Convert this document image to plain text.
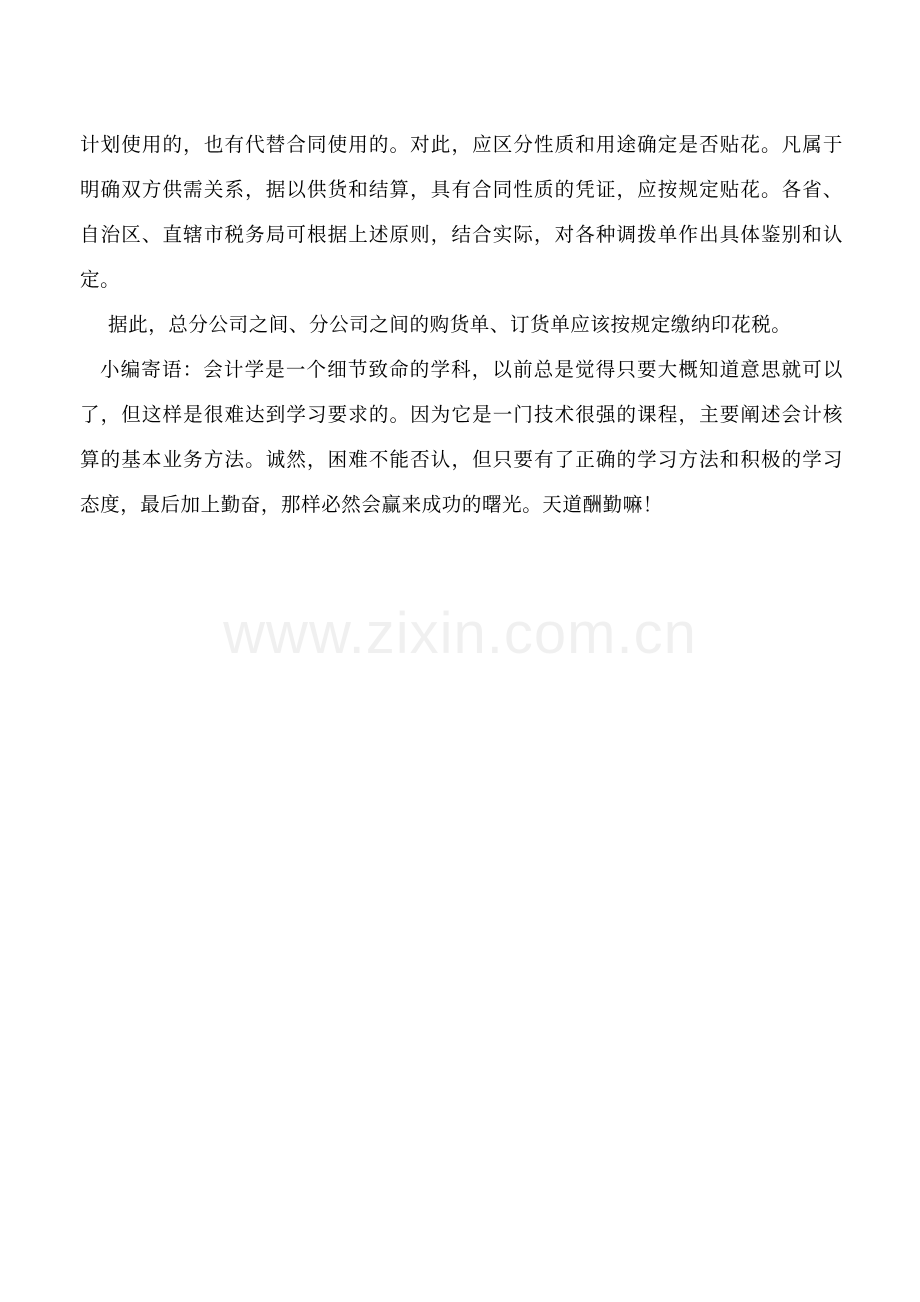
计划使用的，也有代替合同使用的。对此，应区分性质和用途确定是否贴花。凡属于明确双方供需关系，据以供货和结算，具有合同性质的凭证，应按规定贴花。各省、自治区、直辖市税务局可根据上述原则，结合实际，对各种调拨单作出具体鉴别和认定。

据此，总分公司之间、分公司之间的购货单、订货单应该按规定缴纳印花税。

小编寄语：会计学是一个细节致命的学科，以前总是觉得只要大概知道意思就可以了，但这样是很难达到学习要求的。因为它是一门技术很强的课程，主要阐述会计核算的基本业务方法。诚然，困难不能否认，但只要有了正确的学习方法和积极的学习态度，最后加上勤奋，那样必然会赢来成功的曙光。天道酬勤嘛！

www.zixin.com.cn
